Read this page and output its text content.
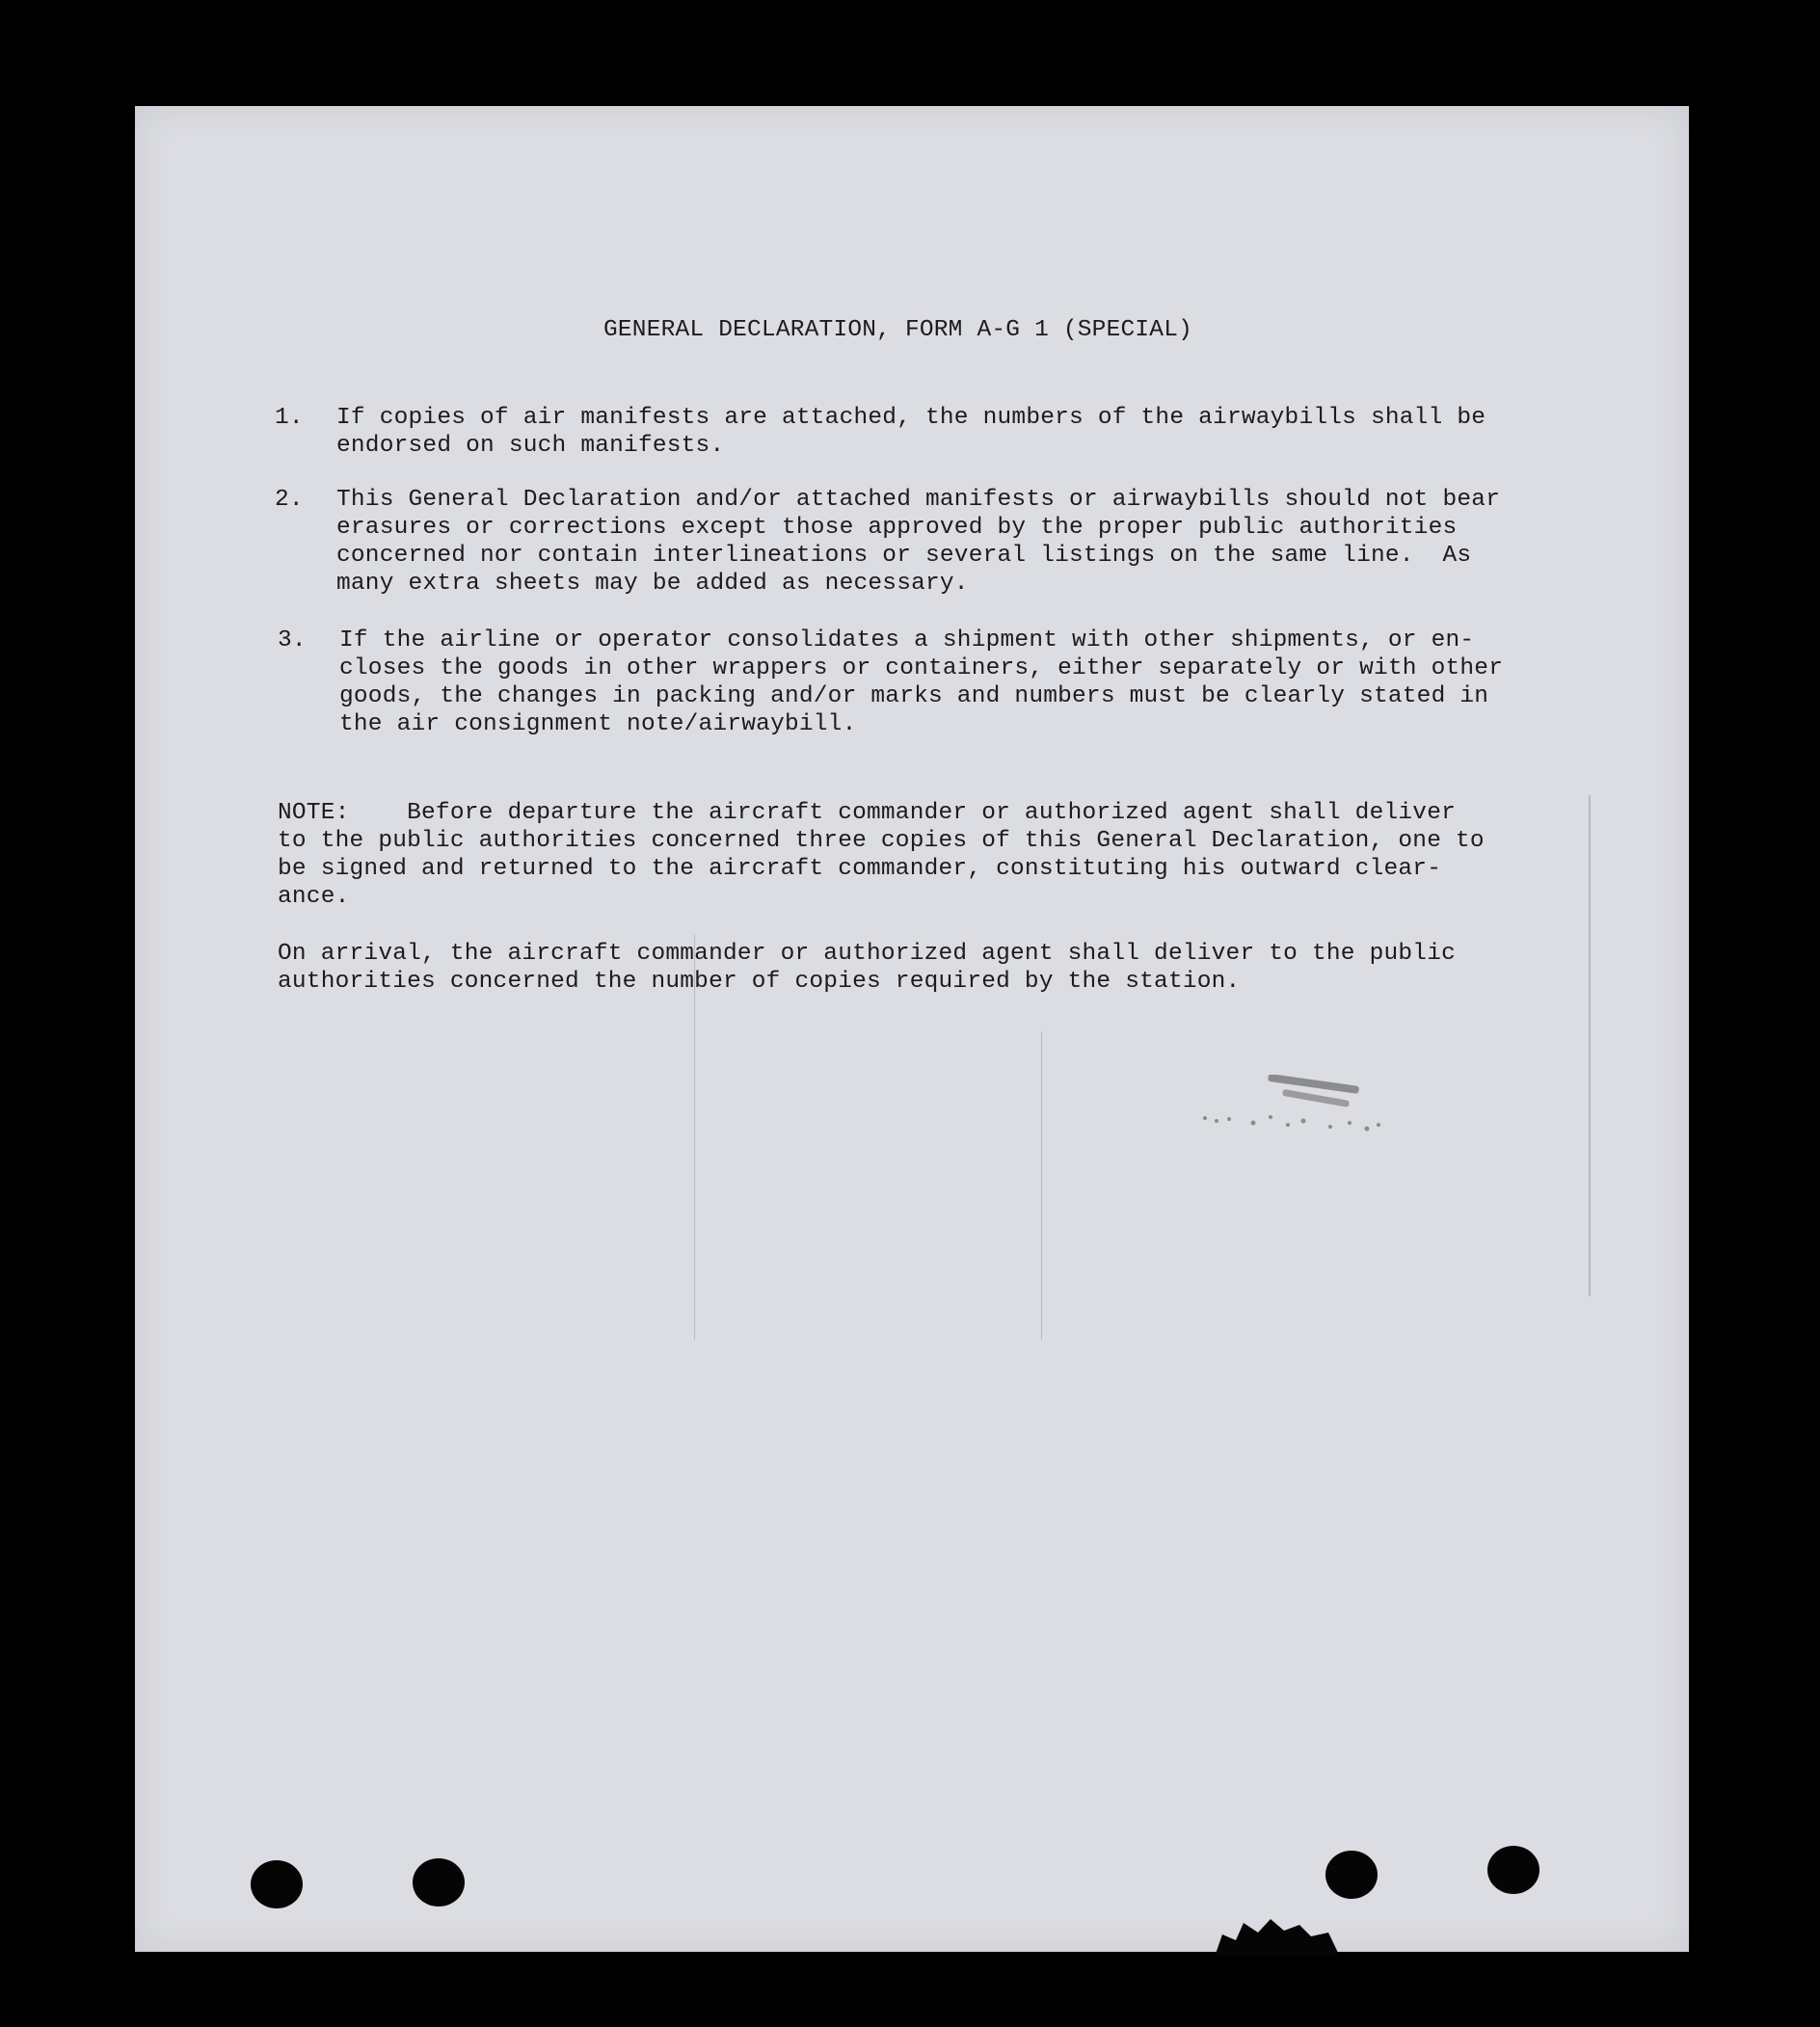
GENERAL DECLARATION, FORM A-G 1 (SPECIAL)

1.

If copies of air manifests are attached, the numbers of the airwaybills shall be

endorsed on such manifests.

2.

This General Declaration and/or attached manifests or airwaybills should not bear

erasures or corrections except those approved by the proper public authorities

concerned nor contain interlineations or several listings on the same line.  As

many extra sheets may be added as necessary.

3.

If the airline or operator consolidates a shipment with other shipments, or en-

closes the goods in other wrappers or containers, either separately or with other

goods, the changes in packing and/or marks and numbers must be clearly stated in

the air consignment note/airwaybill.

NOTE:    Before departure the aircraft commander or authorized agent shall deliver

to the public authorities concerned three copies of this General Declaration, one to

be signed and returned to the aircraft commander, constituting his outward clear-

ance.

On arrival, the aircraft commander or authorized agent shall deliver to the public

authorities concerned the number of copies required by the station.
